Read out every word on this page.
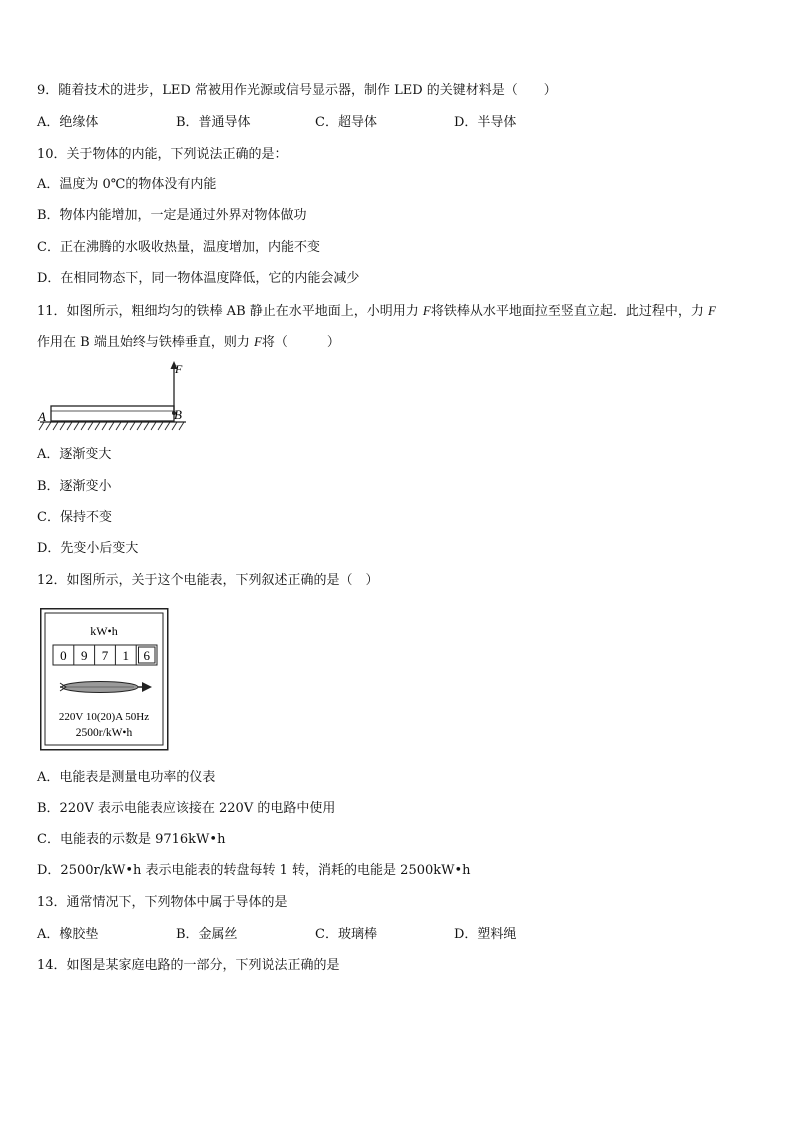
9．随着技术的进步，LED 常被用作光源或信号显示器，制作 LED 的关键材料是（　　）
A．绝缘体	B．普通导体	C．超导体	D．半导体
10．关于物体的内能，下列说法正确的是：
A．温度为 0℃的物体没有内能
B．物体内能增加，一定是通过外界对物体做功
C．正在沸腾的水吸收热量，温度增加，内能不变
D．在相同物态下，同一物体温度降低，它的内能会减少
11．如图所示，粗细均匀的铁棒 AB 静止在水平地面上，小明用力 F将铁棒从水平地面拉至竖直立起．此过程中，力 F
作用在 B 端且始终与铁棒垂直，则力 F将（　　　）
F
A	B
A．逐渐变大
B．逐渐变小
C．保持不变
D．先变小后变大
12．如图所示，关于这个电能表，下列叙述正确的是（　）
kW•h
0 9 7 1 6
220V 10(20)A 50Hz
2500r/kW•h
A．电能表是测量电功率的仪表
B．220V 表示电能表应该接在 220V 的电路中使用
C．电能表的示数是 9716kW•h
D．2500r/kW•h 表示电能表的转盘每转 1 转，消耗的电能是 2500kW•h
13．通常情况下，下列物体中属于导体的是
A．橡胶垫	B．金属丝	C．玻璃棒	D．塑料绳
14．如图是某家庭电路的一部分，下列说法正确的是
